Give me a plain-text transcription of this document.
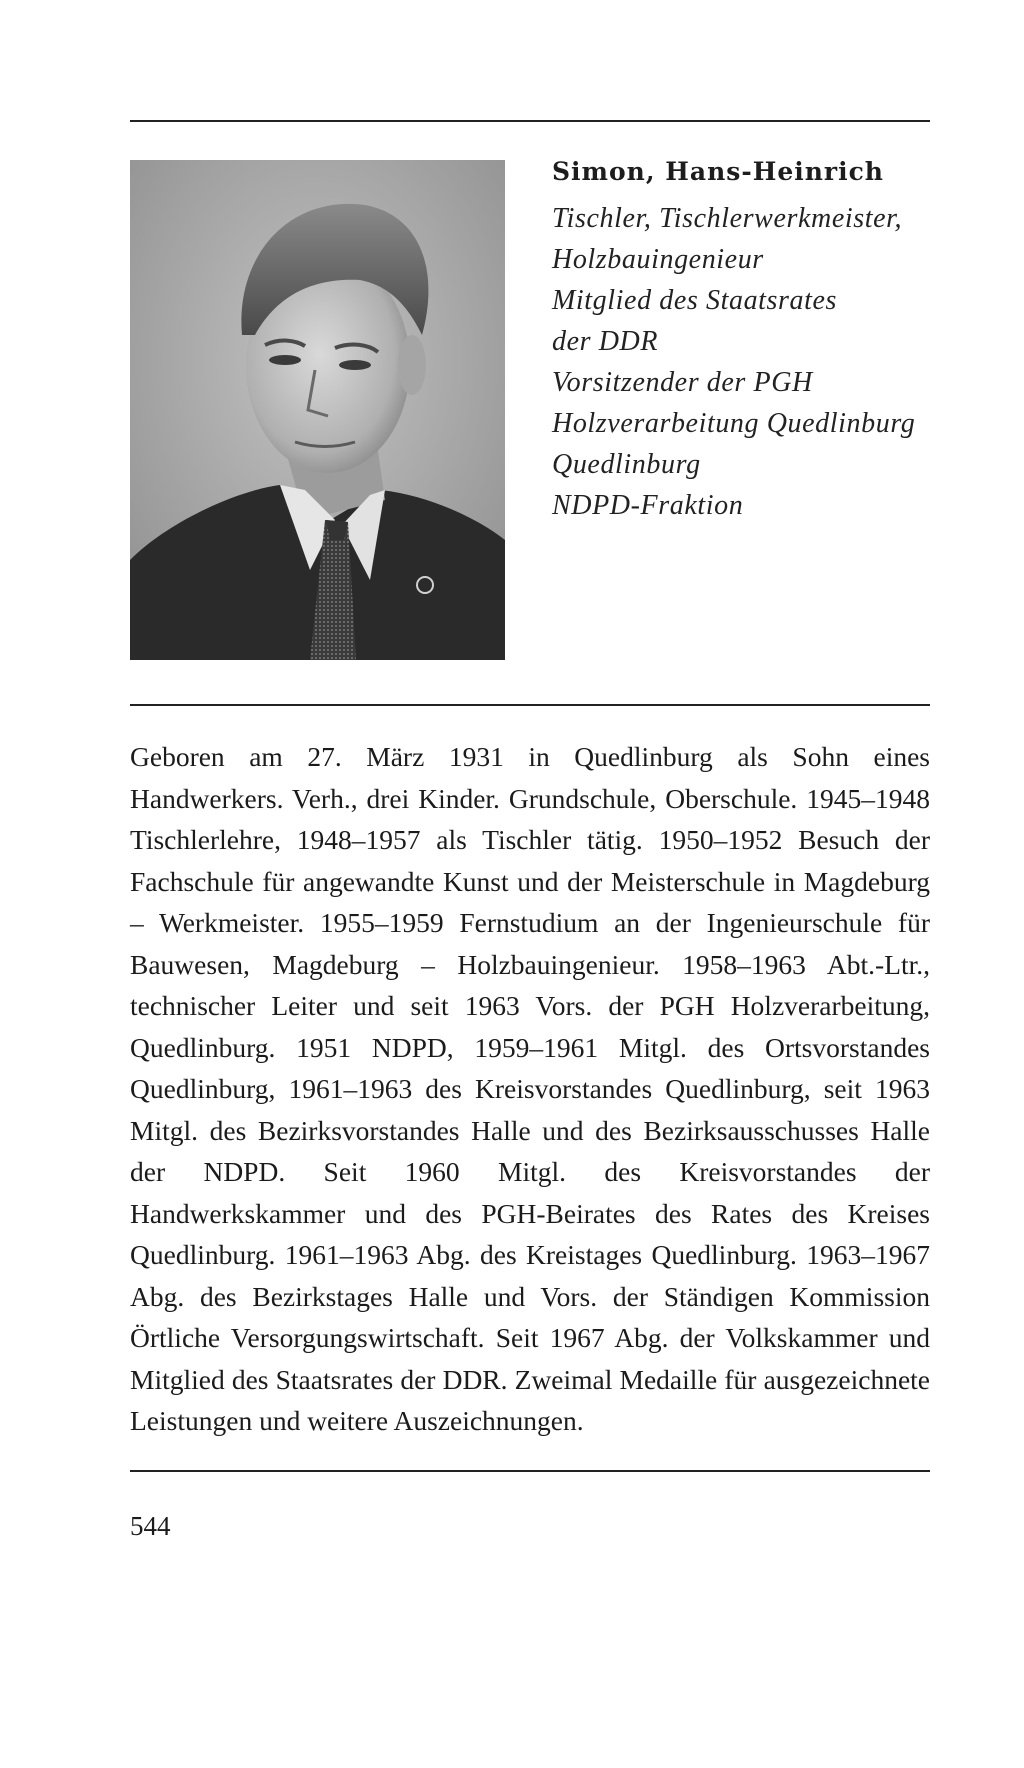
Simon, Hans-Heinrich
Tischler, Tischlerwerkmeister,
Holzbauingenieur
Mitglied des Staatsrates
der DDR
Vorsitzender der PGH
Holzverarbeitung Quedlinburg
Quedlinburg
NDPD-Fraktion

Geboren am 27. März 1931 in Quedlinburg als Sohn eines Handwerkers. Verh., drei Kinder. Grundschule, Oberschule. 1945–1948 Tischlerlehre, 1948–1957 als Tischler tätig. 1950–1952 Besuch der Fachschule für angewandte Kunst und der Meisterschule in Magdeburg – Werkmeister. 1955–1959 Fernstudium an der Ingenieurschule für Bauwesen, Magdeburg – Holzbauingenieur. 1958–1963 Abt.-Ltr., technischer Leiter und seit 1963 Vors. der PGH Holzverarbeitung, Quedlinburg. 1951 NDPD, 1959–1961 Mitgl. des Ortsvorstandes Quedlinburg, 1961–1963 des Kreisvorstandes Quedlinburg, seit 1963 Mitgl. des Bezirksvorstandes Halle und des Bezirksausschusses Halle der NDPD. Seit 1960 Mitgl. des Kreisvorstandes der Handwerkskammer und des PGH-Beirates des Rates des Kreises Quedlinburg. 1961–1963 Abg. des Kreistages Quedlinburg. 1963–1967 Abg. des Bezirkstages Halle und Vors. der Ständigen Kommission Örtliche Versorgungswirtschaft. Seit 1967 Abg. der Volkskammer und Mitglied des Staatsrates der DDR. Zweimal Medaille für ausgezeichnete Leistungen und weitere Auszeichnungen.

544
